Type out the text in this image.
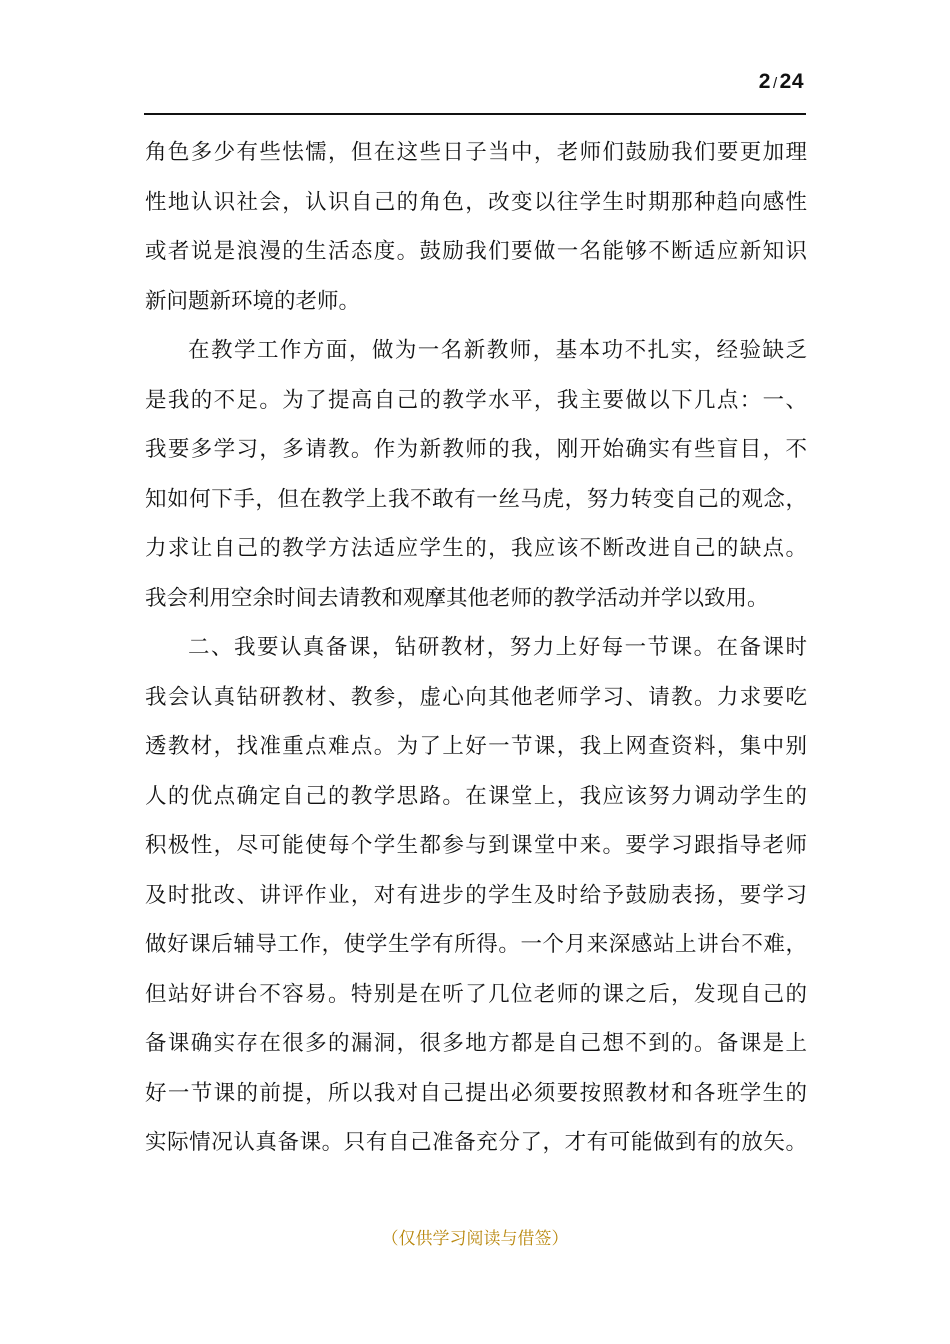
2 /24
角色多少有些怯懦，但在这些日子当中，老师们鼓励我们要更加理
性地认识社会，认识自己的角色，改变以往学生时期那种趋向感性
或者说是浪漫的生活态度。鼓励我们要做一名能够不断适应新知识
新问题新环境的老师。
在教学工作方面，做为一名新教师，基本功不扎实，经验缺乏
是我的不足。为了提高自己的教学水平，我主要做以下几点：一、
我要多学习，多请教。作为新教师的我，刚开始确实有些盲目，不
知如何下手，但在教学上我不敢有一丝马虎，努力转变自己的观念，
力求让自己的教学方法适应学生的，我应该不断改进自己的缺点。
我会利用空余时间去请教和观摩其他老师的教学活动并学以致用。
二、我要认真备课，钻研教材，努力上好每一节课。在备课时
我会认真钻研教材、教参，虚心向其他老师学习、请教。力求要吃
透教材，找准重点难点。为了上好一节课，我上网查资料，集中别
人的优点确定自己的教学思路。在课堂上，我应该努力调动学生的
积极性，尽可能使每个学生都参与到课堂中来。要学习跟指导老师
及时批改、讲评作业，对有进步的学生及时给予鼓励表扬，要学习
做好课后辅导工作，使学生学有所得。一个月来深感站上讲台不难，
但站好讲台不容易。特别是在听了几位老师的课之后，发现自己的
备课确实存在很多的漏洞，很多地方都是自己想不到的。备课是上
好一节课的前提，所以我对自己提出必须要按照教材和各班学生的
实际情况认真备课。只有自己准备充分了，才有可能做到有的放矢。
（仅供学习阅读与借签）
